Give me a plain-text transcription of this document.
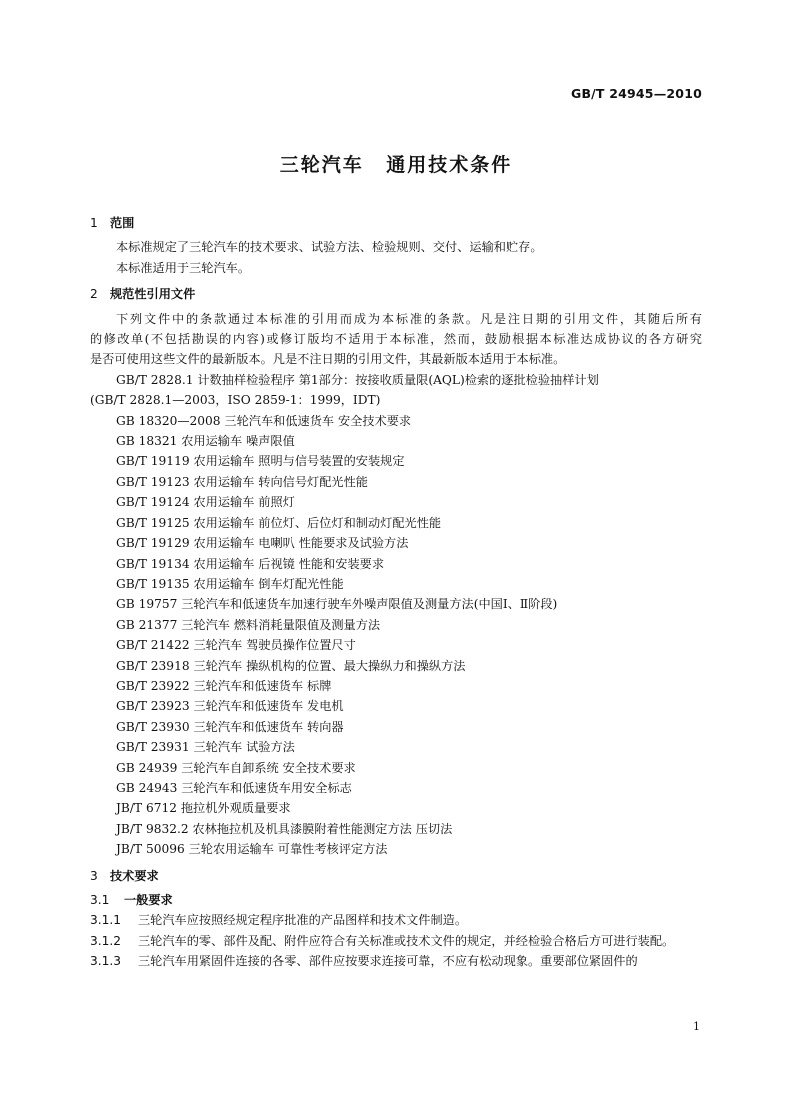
GB/T 24945—2010
三轮汽车 通用技术条件
1 范围
本标准规定了三轮汽车的技术要求、试验方法、检验规则、交付、运输和贮存。
本标准适用于三轮汽车。
2 规范性引用文件
下列文件中的条款通过本标准的引用而成为本标准的条款。凡是注日期的引用文件，其随后所有
的修改单(不包括勘误的内容)或修订版均不适用于本标准，然而，鼓励根据本标准达成协议的各方研究
是否可使用这些文件的最新版本。凡是不注日期的引用文件，其最新版本适用于本标准。
GB/T 2828.1 计数抽样检验程序 第1部分：按接收质量限(AQL)检索的逐批检验抽样计划
(GB/T 2828.1—2003，ISO 2859-1：1999，IDT)
GB 18320—2008 三轮汽车和低速货车 安全技术要求
GB 18321 农用运输车 噪声限值
GB/T 19119 农用运输车 照明与信号装置的安装规定
GB/T 19123 农用运输车 转向信号灯配光性能
GB/T 19124 农用运输车 前照灯
GB/T 19125 农用运输车 前位灯、后位灯和制动灯配光性能
GB/T 19129 农用运输车 电喇叭 性能要求及试验方法
GB/T 19134 农用运输车 后视镜 性能和安装要求
GB/T 19135 农用运输车 倒车灯配光性能
GB 19757 三轮汽车和低速货车加速行驶车外噪声限值及测量方法(中国Ⅰ、Ⅱ阶段)
GB 21377 三轮汽车 燃料消耗量限值及测量方法
GB/T 21422 三轮汽车 驾驶员操作位置尺寸
GB/T 23918 三轮汽车 操纵机构的位置、最大操纵力和操纵方法
GB/T 23922 三轮汽车和低速货车 标牌
GB/T 23923 三轮汽车和低速货车 发电机
GB/T 23930 三轮汽车和低速货车 转向器
GB/T 23931 三轮汽车 试验方法
GB 24939 三轮汽车自卸系统 安全技术要求
GB 24943 三轮汽车和低速货车用安全标志
JB/T 6712 拖拉机外观质量要求
JB/T 9832.2 农林拖拉机及机具漆膜附着性能测定方法 压切法
JB/T 50096 三轮农用运输车 可靠性考核评定方法
3 技术要求
3.1 一般要求
3.1.1 三轮汽车应按照经规定程序批准的产品图样和技术文件制造。
3.1.2 三轮汽车的零、部件及配、附件应符合有关标准或技术文件的规定，并经检验合格后方可进行装配。
3.1.3 三轮汽车用紧固件连接的各零、部件应按要求连接可靠，不应有松动现象。重要部位紧固件的
1
